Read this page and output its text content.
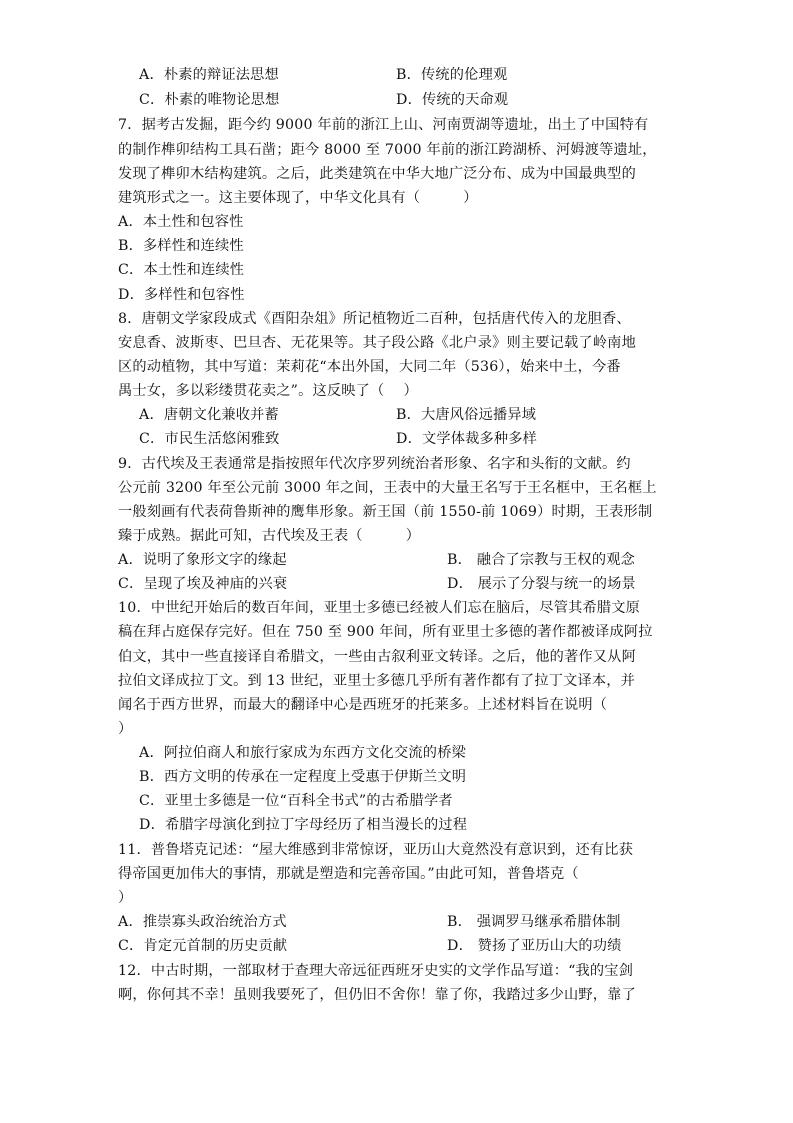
A．朴素的辩证法思想	B．传统的伦理观
C．朴素的唯物论思想	D．传统的天命观
7．据考古发掘，距今约 9000 年前的浙江上山、河南贾湖等遗址，出土了中国特有
的制作榫卯结构工具石凿；距今 8000 至 7000 年前的浙江跨湖桥、河姆渡等遗址，
发现了榫卯木结构建筑。之后，此类建筑在中华大地广泛分布、成为中国最典型的
建筑形式之一。这主要体现了，中华文化具有（　　　）
A．本土性和包容性
B．多样性和连续性
C．本土性和连续性
D．多样性和包容性
8．唐朝文学家段成式《酉阳杂俎》所记植物近二百种，包括唐代传入的龙胆香、
安息香、波斯枣、巴旦杏、无花果等。其子段公路《北户录》则主要记载了岭南地
区的动植物，其中写道：茉莉花“本出外国，大同二年（536），始来中土，今番
禺士女，多以彩缕贯花卖之”。这反映了（　 ）
A．唐朝文化兼收并蓄	B．大唐风俗远播异域
C．市民生活悠闲雅致	D．文学体裁多种多样
9．古代埃及王表通常是指按照年代次序罗列统治者形象、名字和头衔的文献。约
公元前 3200 年至公元前 3000 年之间，王表中的大量王名写于王名框中，王名框上
一般刻画有代表荷鲁斯神的鹰隼形象。新王国（前 1550-前 1069）时期，王表形制
臻于成熟。据此可知，古代埃及王表（　　　）
A．说明了象形文字的缘起	B． 融合了宗教与王权的观念
C．呈现了埃及神庙的兴衰	D． 展示了分裂与统一的场景
10．中世纪开始后的数百年间，亚里士多德已经被人们忘在脑后，尽管其希腊文原
稿在拜占庭保存完好。但在 750 至 900 年间，所有亚里士多德的著作都被译成阿拉
伯文，其中一些直接译自希腊文，一些由古叙利亚文转译。之后，他的著作又从阿
拉伯文译成拉丁文。到 13 世纪，亚里士多德几乎所有著作都有了拉丁文译本，并
闻名于西方世界，而最大的翻译中心是西班牙的托莱多。上述材料旨在说明（
）
A．阿拉伯商人和旅行家成为东西方文化交流的桥梁
B．西方文明的传承在一定程度上受惠于伊斯兰文明
C．亚里士多德是一位“百科全书式”的古希腊学者
D．希腊字母演化到拉丁字母经历了相当漫长的过程
11．普鲁塔克记述：“屋大维感到非常惊讶，亚历山大竟然没有意识到，还有比获
得帝国更加伟大的事情，那就是塑造和完善帝国。”由此可知，普鲁塔克（
）
A．推崇寡头政治统治方式	B． 强调罗马继承希腊体制
C．肯定元首制的历史贡献	D． 赞扬了亚历山大的功绩
12．中古时期，一部取材于查理大帝远征西班牙史实的文学作品写道：“我的宝剑
啊，你何其不幸！虽则我要死了，但仍旧不舍你！靠了你，我踏过多少山野，靠了
